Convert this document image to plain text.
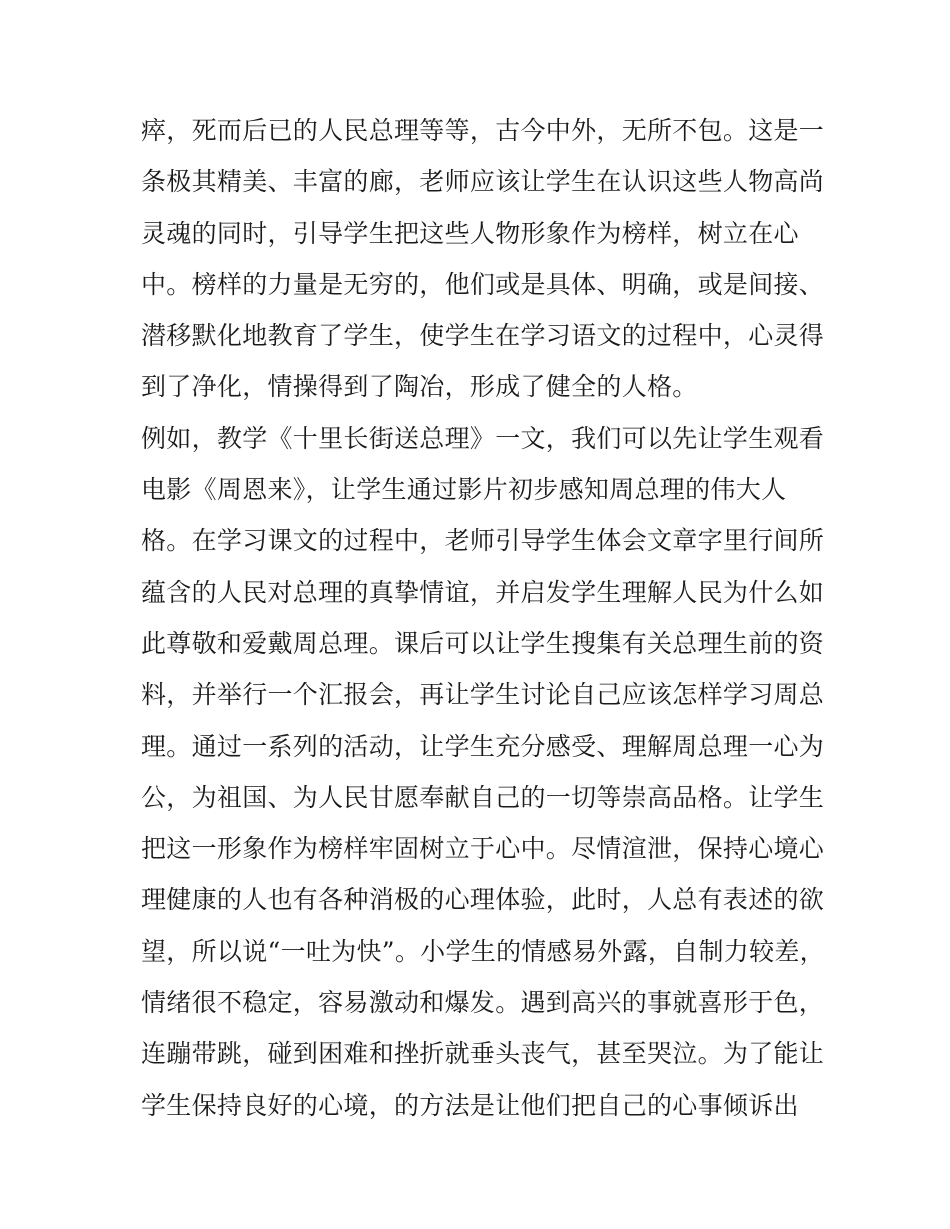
瘁，死而后已的人民总理等等，古今中外，无所不包。这是一
条极其精美、丰富的廊，老师应该让学生在认识这些人物高尚
灵魂的同时，引导学生把这些人物形象作为榜样，树立在心
中。榜样的力量是无穷的，他们或是具体、明确，或是间接、
潜移默化地教育了学生，使学生在学习语文的过程中，心灵得
到了净化，情操得到了陶冶，形成了健全的人格。
例如，教学《十里长街送总理》一文，我们可以先让学生观看
电影《周恩来》，让学生通过影片初步感知周总理的伟大人
格。在学习课文的过程中，老师引导学生体会文章字里行间所
蕴含的人民对总理的真挚情谊，并启发学生理解人民为什么如
此尊敬和爱戴周总理。课后可以让学生搜集有关总理生前的资
料，并举行一个汇报会，再让学生讨论自己应该怎样学习周总
理。通过一系列的活动，让学生充分感受、理解周总理一心为
公，为祖国、为人民甘愿奉献自己的一切等崇高品格。让学生
把这一形象作为榜样牢固树立于心中。尽情渲泄，保持心境心
理健康的人也有各种消极的心理体验，此时，人总有表述的欲
望，所以说“一吐为快”。小学生的情感易外露，自制力较差，
情绪很不稳定，容易激动和爆发。遇到高兴的事就喜形于色，
连蹦带跳，碰到困难和挫折就垂头丧气，甚至哭泣。为了能让
学生保持良好的心境，的方法是让他们把自己的心事倾诉出
